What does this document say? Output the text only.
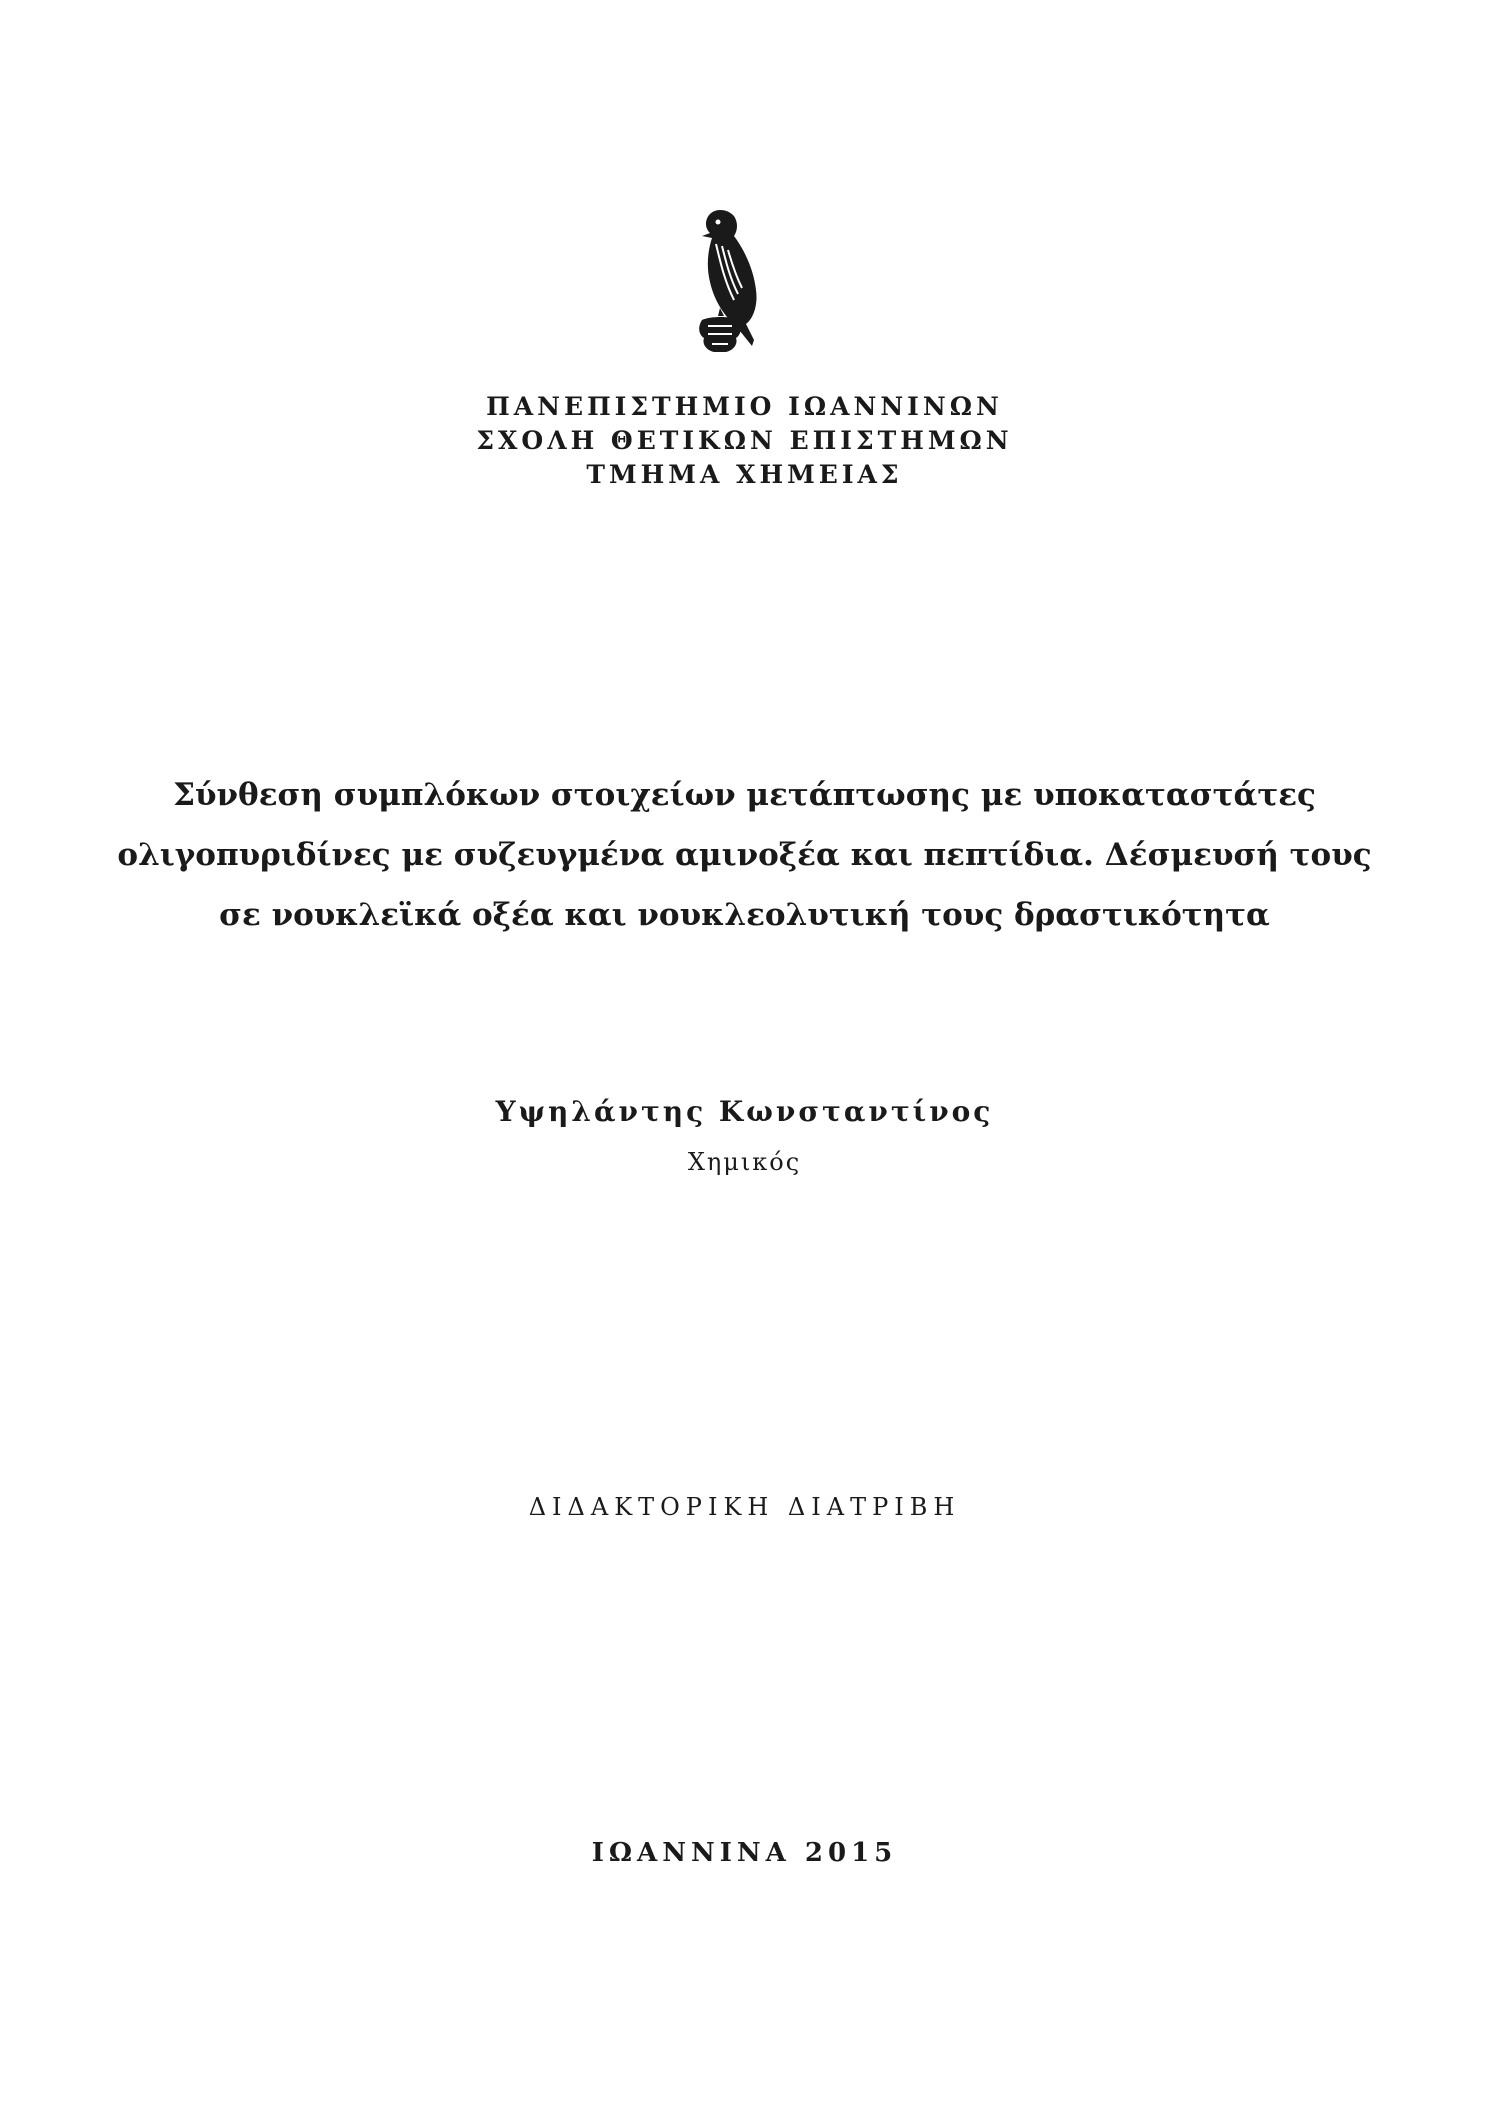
ΠΑΝΕΠΙΣΤΗΜΙΟ ΙΩΑΝΝΙΝΩΝ
ΣΧΟΛΗ ΘΕΤΙΚΩΝ ΕΠΙΣΤΗΜΩΝ
ΤΜΗΜΑ ΧΗΜΕΙΑΣ
Σύνθεση συμπλόκων στοιχείων μετάπτωσης με υποκαταστάτες
ολιγοπυριδίνες με συζευγμένα αμινοξέα και πεπτίδια. Δέσμευσή τους
σε νουκλεϊκά οξέα και νουκλεολυτική τους δραστικότητα
Υψηλάντης Κωνσταντίνος
Χημικός
ΔΙΔΑΚΤΟΡΙΚΗ ΔΙΑΤΡΙΒΗ
ΙΩΑΝΝΙΝΑ 2015
